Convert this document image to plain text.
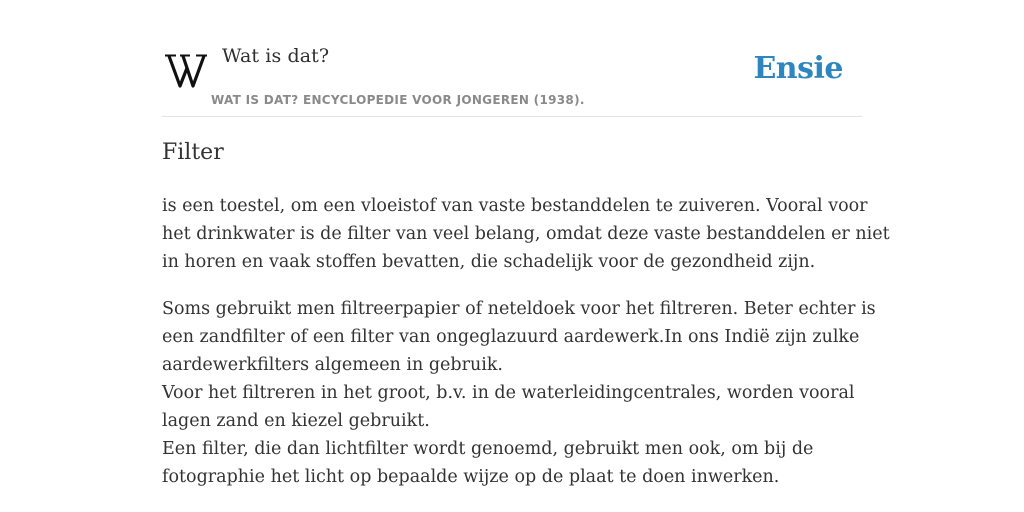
Wat is dat?
WAT IS DAT? ENCYCLOPEDIE VOOR JONGEREN (1938).
Ensie
Filter

is een toestel, om een vloeistof van vaste bestanddelen te zuiveren. Vooral voor
het drinkwater is de filter van veel belang, omdat deze vaste bestanddelen er niet
in horen en vaak stoffen bevatten, die schadelijk voor de gezondheid zijn.

Soms gebruikt men filtreerpapier of neteldoek voor het filtreren. Beter echter is
een zandfilter of een filter van ongeglazuurd aardewerk.In ons Indië zijn zulke
aardewerkfilters algemeen in gebruik.
Voor het filtreren in het groot, b.v. in de waterleidingcentrales, worden vooral
lagen zand en kiezel gebruikt.
Een filter, die dan lichtfilter wordt genoemd, gebruikt men ook, om bij de
fotographie het licht op bepaalde wijze op de plaat te doen inwerken.
